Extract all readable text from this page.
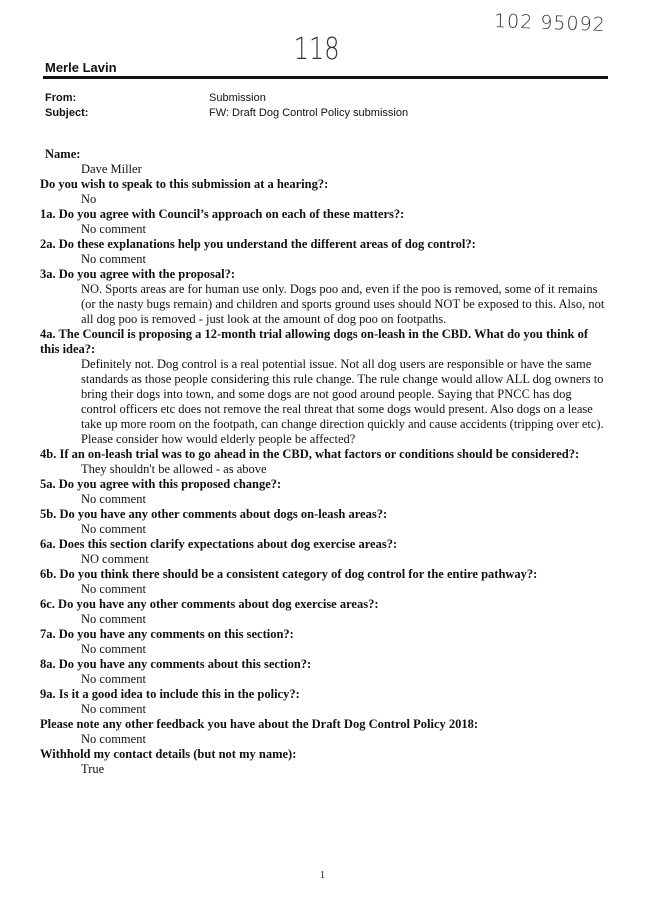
102 95092
118
Merle Lavin
From:	Submission
Subject:	FW: Draft Dog Control Policy submission
Name:
Dave Miller
Do you wish to speak to this submission at a hearing?:
No
1a. Do you agree with Council’s approach on each of these matters?:
No comment
2a. Do these explanations help you understand the different areas of dog control?:
No comment
3a. Do you agree with the proposal?:
NO. Sports areas are for human use only. Dogs poo and, even if the poo is removed, some of it remains (or the nasty bugs remain) and children and sports ground uses should NOT be exposed to this. Also, not all dog poo is removed - just look at the amount of dog poo on footpaths.
4a. The Council is proposing a 12-month trial allowing dogs on-leash in the CBD. What do you think of this idea?:
Definitely not. Dog control is a real potential issue. Not all dog users are responsible or have the same standards as those people considering this rule change. The rule change would allow ALL dog owners to bring their dogs into town, and some dogs are not good around people. Saying that PNCC has dog control officers etc does not remove the real threat that some dogs would present. Also dogs on a lease take up more room on the footpath, can change direction quickly and cause accidents (tripping over etc). Please consider how would elderly people be affected?
4b. If an on-leash trial was to go ahead in the CBD, what factors or conditions should be considered?:
They shouldn't be allowed - as above
5a. Do you agree with this proposed change?:
No comment
5b. Do you have any other comments about dogs on-leash areas?:
No comment
6a. Does this section clarify expectations about dog exercise areas?:
NO comment
6b. Do you think there should be a consistent category of dog control for the entire pathway?:
No comment
6c. Do you have any other comments about dog exercise areas?:
No comment
7a. Do you have any comments on this section?:
No comment
8a. Do you have any comments about this section?:
No comment
9a. Is it a good idea to include this in the policy?:
No comment
Please note any other feedback you have about the Draft Dog Control Policy 2018:
No comment
Withhold my contact details (but not my name):
True
1
